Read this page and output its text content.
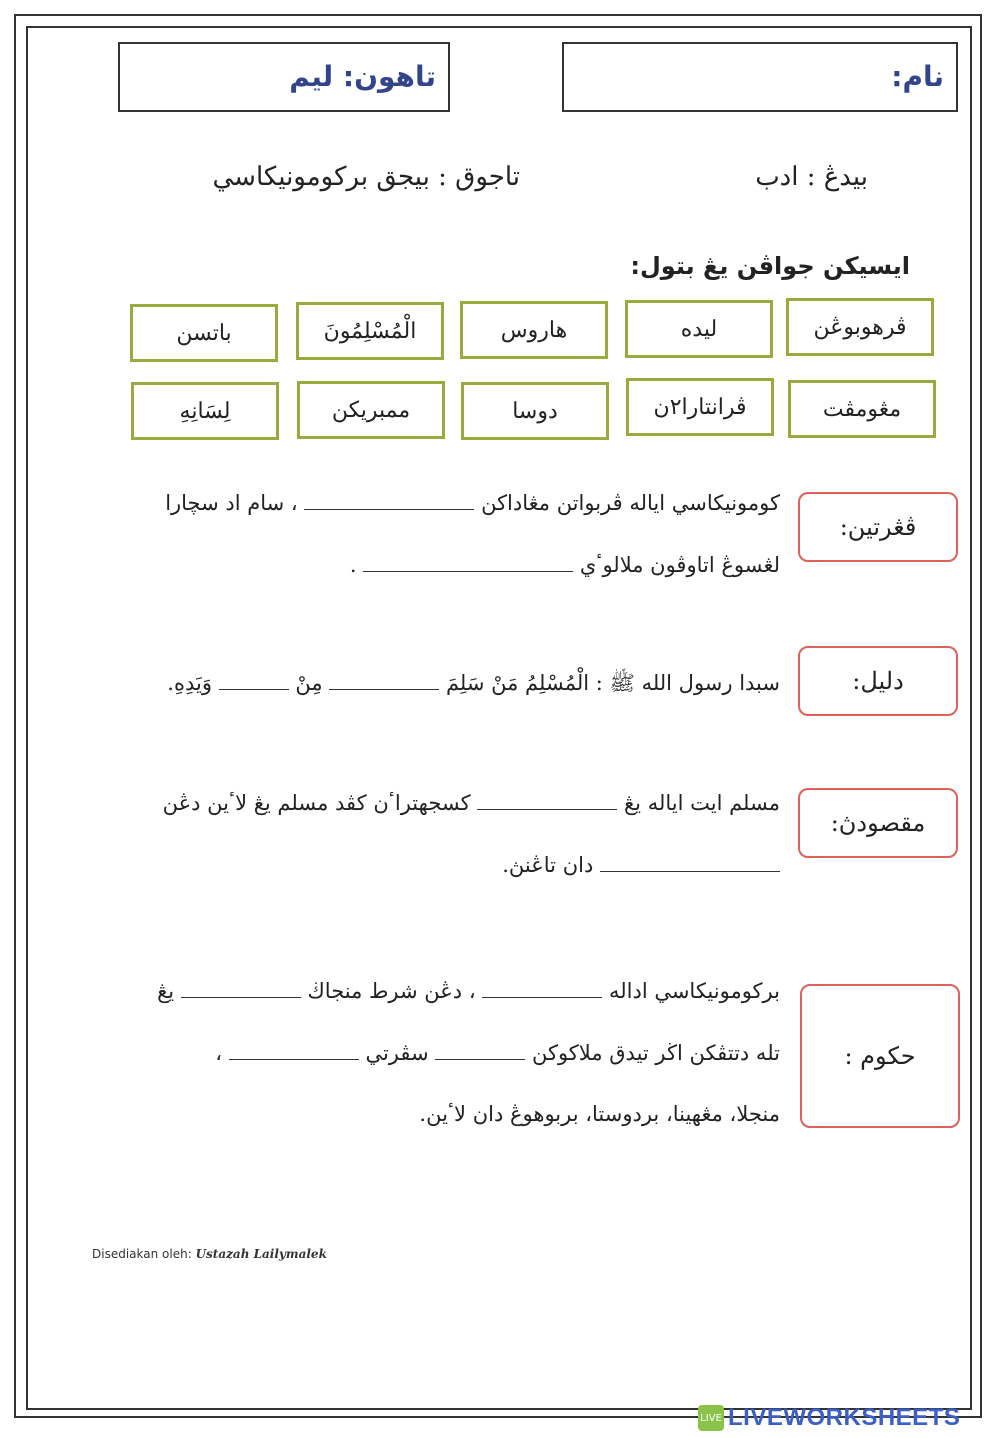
نام:
تاهون: ليم
بيدڠ : ادب
تاجوق : بيجق بركومونيكاسي
ايسيكن جواڤن يڠ بتول:
ڤرهوبوڠن
ليده
هاروس
الْمُسْلِمُونَ
باتسن
مڠومڤت
ڤرانتارا٢ن
دوسا
ممبريكن
لِسَانِهِ
ڤڠرتين:
كومونيكاسي اياله ڤربواتن مڠاداكن  ، سام اد سچارا
لڠسوڠ اتاوڤون ملالوٴي  .
دليل:
سبدا رسول الله ﷺ : الْمُسْلِمُ مَنْ سَلِمَ  مِنْ  وَيَدِهِ.
مقصودڽ:
مسلم ايت اياله يڠ  كسجهتراٴن كڤد مسلم يڠ لاٴين دڠن
دان تاڠنڽ.
حكوم :
بركومونيكاسي اداله  ، دڠن شرط منجاڬ  يڠ
تله دتتڤكن اڬر تيدق ملاكوكن  سڤرتي  ،
منجلا، مڠهينا، بردوستا، بربوهوڠ دان لاٴين.
Disediakan oleh: Ustazah Lailymalek
LIVE LIVEWORKSHEETS
